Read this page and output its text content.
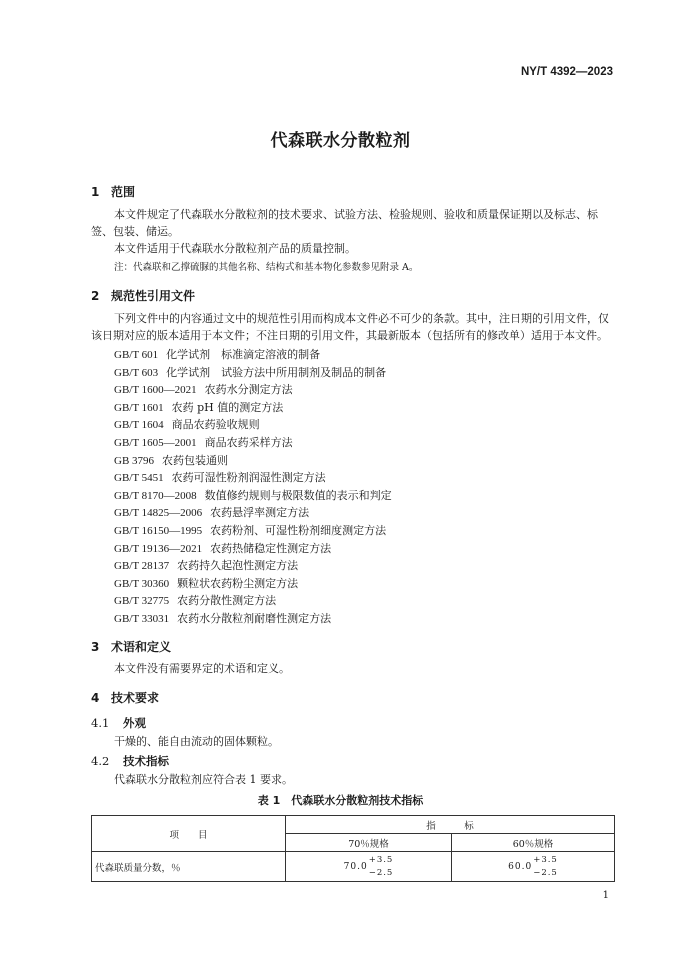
NY/T 4392—2023
代森联水分散粒剂
1 范围
本文件规定了代森联水分散粒剂的技术要求、试验方法、检验规则、验收和质量保证期以及标志、标
签、包装、储运。
本文件适用于代森联水分散粒剂产品的质量控制。
注：代森联和乙撑硫脲的其他名称、结构式和基本物化参数参见附录 A。
2 规范性引用文件
下列文件中的内容通过文中的规范性引用而构成本文件必不可少的条款。其中，注日期的引用文件，仅
该日期对应的版本适用于本文件；不注日期的引用文件，其最新版本（包括所有的修改单）适用于本文件。
GB/T 601 化学试剂　标准滴定溶液的制备
GB/T 603 化学试剂　试验方法中所用制剂及制品的制备
GB/T 1600—2021 农药水分测定方法
GB/T 1601 农药 pH 值的测定方法
GB/T 1604 商品农药验收规则
GB/T 1605—2001 商品农药采样方法
GB 3796 农药包装通则
GB/T 5451 农药可湿性粉剂润湿性测定方法
GB/T 8170—2008 数值修约规则与极限数值的表示和判定
GB/T 14825—2006 农药悬浮率测定方法
GB/T 16150—1995 农药粉剂、可湿性粉剂细度测定方法
GB/T 19136—2021 农药热储稳定性测定方法
GB/T 28137 农药持久起泡性测定方法
GB/T 30360 颗粒状农药粉尘测定方法
GB/T 32775 农药分散性测定方法
GB/T 33031 农药水分散粒剂耐磨性测定方法
3 术语和定义
本文件没有需要界定的术语和定义。
4 技术要求
4.1 外观
干燥的、能自由流动的固体颗粒。
4.2 技术指标
代森联水分散粒剂应符合表 1 要求。
表 1　代森联水分散粒剂技术指标
项　　目	指　　　标	
	70％规格	60％规格
代森联质量分数，％	70.0
+3.5
−2.5	60.0
+3.5
−2.5
1
